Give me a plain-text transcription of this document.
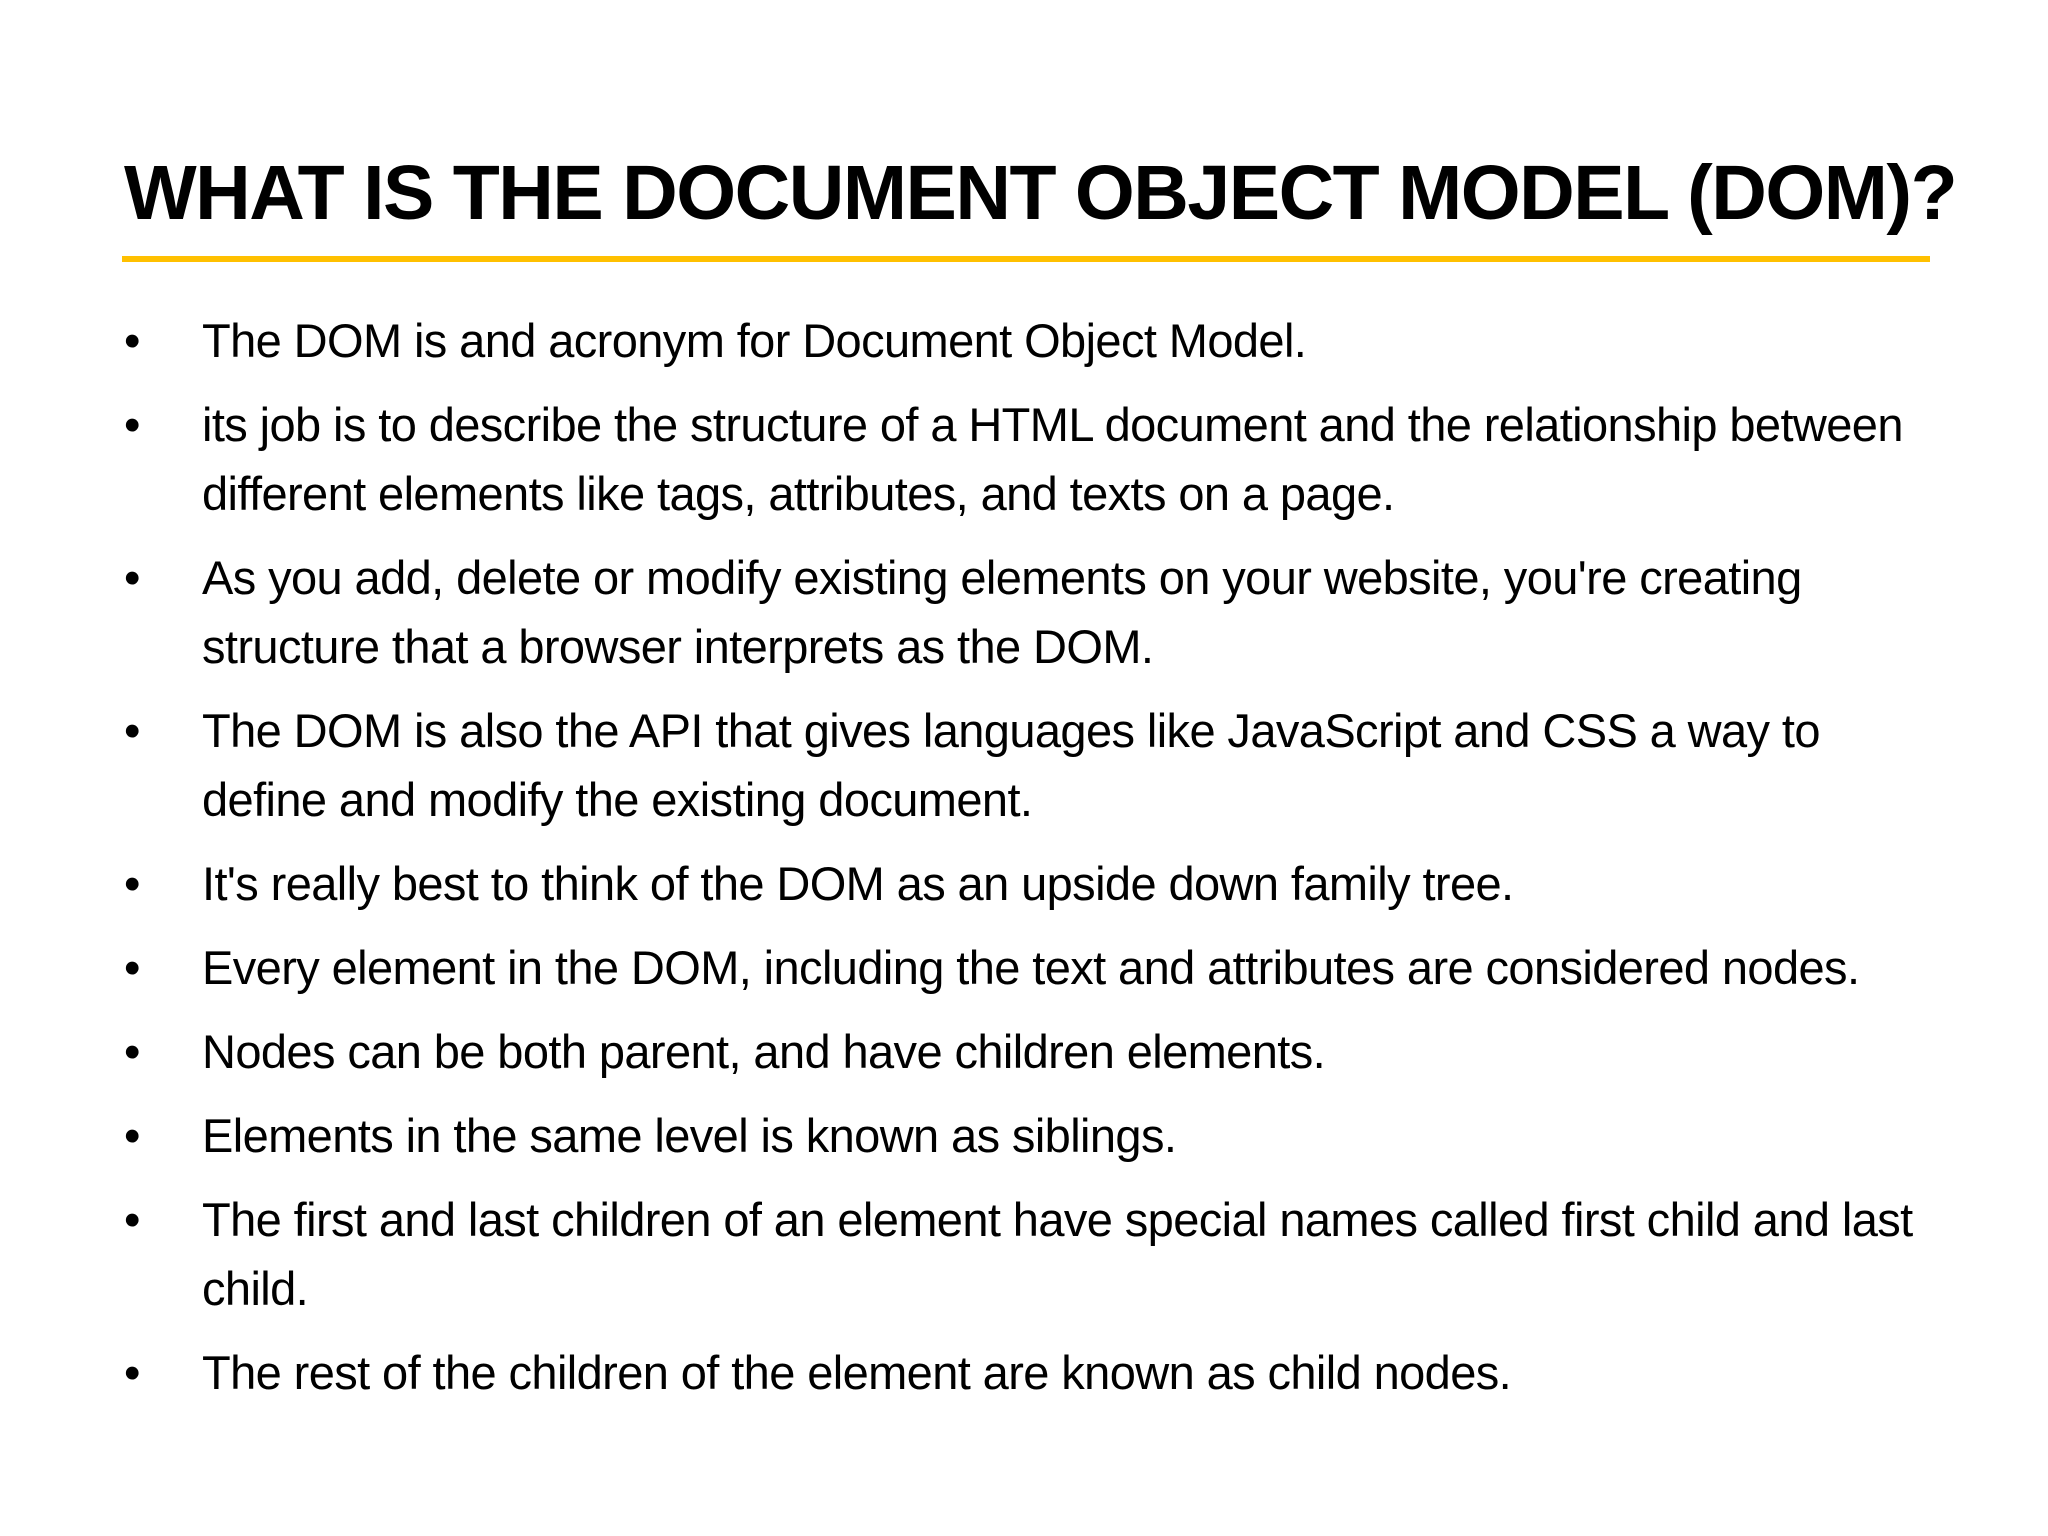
WHAT IS THE DOCUMENT OBJECT MODEL (DOM)?
•	The DOM is and acronym for Document Object Model.
•	its job is to describe the structure of a HTML document and the relationship between different elements like tags, attributes, and texts on a page.
•	As you add, delete or modify existing elements on your website, you're creating structure that a browser interprets as the DOM.
•	The DOM is also the API that gives languages like JavaScript and CSS a way to define and modify the existing document.
•	It's really best to think of the DOM as an upside down family tree.
•	Every element in the DOM, including the text and attributes are considered nodes.
•	Nodes can be both parent, and have children elements.
•	Elements in the same level is known as siblings.
•	The first and last children of an element have special names called first child and last child.
•	The rest of the children of the element are known as child nodes.
